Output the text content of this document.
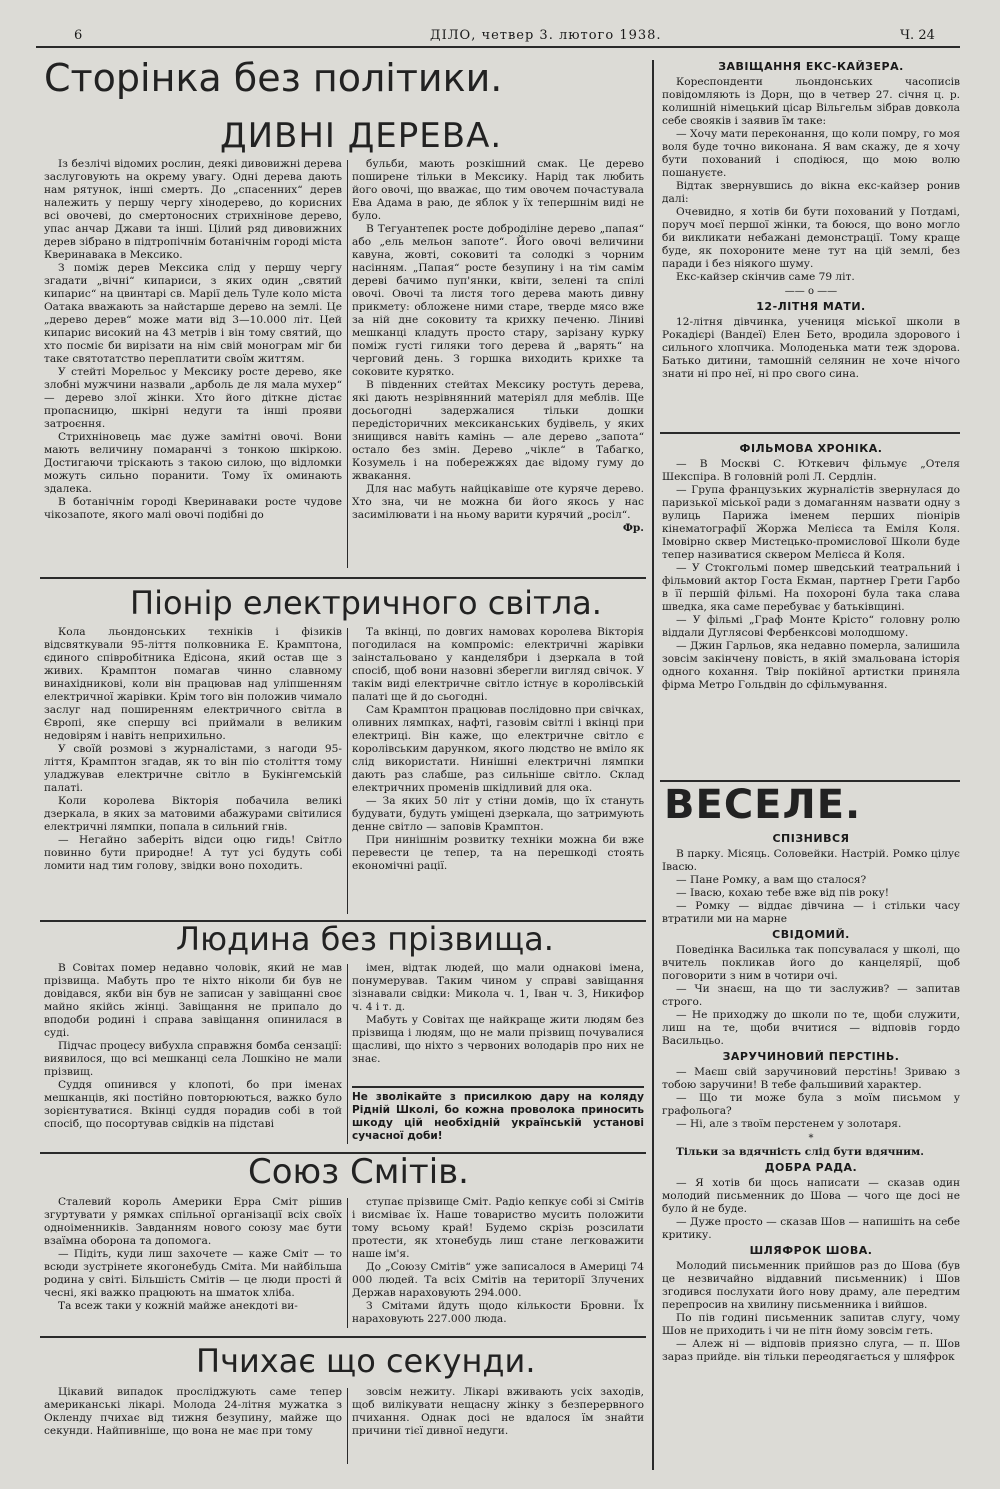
6	ДІЛО, четвер 3. лютого 1938.	Ч. 24
Сторінка без політики.
ДИВНІ ДЕРЕВА.

Із безлічі відомих рослин, деякі дивовижні дерева заслуговують на окрему увагу. Одні дерева дають нам рятунок, інші смерть. До „спасенних“ дерев належить у першу чергу хінодерево, до корисних всі овочеві, до смертоносних стрихнінове дерево, упас анчар Джави та інші. Цілий ряд дивовижних дерев зібрано в підтропічнім ботанічнім городі міста Кверинавака в Мексико.

З поміж дерев Мексика слід у першу чергу згадати „вічні“ кипариси, з яких один „святий кипарис“ на цвинтарі св. Марії дель Туле коло міста Оатака вважають за найстарше дерево на землі. Це „дерево дерев“ може мати від 3—10.000 літ. Цей кипарис високий на 43 метрів і він тому святий, що хто посміє би вирізати на нім свій монограм міг би таке святотатство переплатити своїм життям.

У стейті Морельос у Мексику росте дерево, яке злобні мужчини назвали „арболь де ля мала мухер“ — дерево злої жінки. Хто його діткне дістає пропасницю, шкірні недуги та інші прояви затроєння.

Стрихніновець має дуже замітні овочі. Вони мають величину помаранчі з тонкою шкіркою. Достигаючи тріскають з такою силою, що відломки можуть сильно поранити. Тому їх оминають здалека.

В ботанічнім городі Кверинаваки росте чудове чікозапоте, якого малі овочі подібні до

бульби, мають розкішний смак. Це дерево поширене тільки в Мексику. Нарід так любить його овочі, що вважає, що тим овочем почастувала Ева Адама в раю, де яблок у їх тепершнім виді не було.

В Тегуантепек росте доброділіне дерево „папая“ або „ель мельон запоте“. Його овочі величини кавуна, жовті, соковиті та солодкі з чорним насінням. „Папая“ росте безупину і на тім самім дереві бачимо пуп'янки, квіти, зелені та спілі овочі. Овочі та листя того дерева мають дивну прикмету: обложене ними старе, тверде мясо вже за ній дне соковиту та крихку печеню. Ліниві мешканці кладуть просто стару, зарізану курку поміж густі гиляки того дерева й „варять“ на черговий день. З горшка виходить крихке та соковите курятко.

В південних стейтах Мексику ростуть дерева, які дають незрівнянний матеріял для меблів. Ще досьогодні задержалися тільки дошки передісторичних мексиканських будівель, у яких знищився навіть камінь — але дерево „запота“ остало без змін. Дерево „чікле“ в Табагко, Козумель і на побережжях дає відому гуму до жвакання.

Для нас мабуть найцікавіше оте куряче дерево. Хто зна, чи не можна би його якось у нас засимілювати і на ньому варити курячий „росіл“.

Фр.
Піонір електричного світла.

Кола льондонських техніків і фізиків відсвяткували 95-ліття полковника Е. Крамптона, єдиного співробітника Едісона, який остав ще з живих. Крамптон помагав чинно славному винахідникові, коли він працював над уліпшенням електричної жарівки. Крім того він положив чимало заслуг над поширенням електричного світла в Європі, яке спершу всі приймали в великим недовірям і навіть неприхильно.

У своїй розмові з журналістами, з нагоди 95-ліття, Крамптон згадав, як то він піо століття тому уладжував електричне світло в Букінгемській палаті.

Коли королева Вікторія побачила великі дзеркала, в яких за матовими абажурами світилися електричні лямпки, попала в сильний гнів.

— Негайно заберіть відси оцю гидь! Світло повинно бути природне! А тут усі будуть собі ломити над тим голову, звідки воно походить.

Та вкінці, по довгих намовах королева Вікторія погодилася на компроміс: електричні жарівки заінстальовано у канделябри і дзеркала в той спосіб, щоб вони назовні зберегли вигляд свічок. У такім виді електричне світло істнує в королівській палаті ще й до сьогодні.

Сам Крамптон працював послідовно при свічках, оливних лямпках, нафті, газовім світлі і вкінці при електриці. Він каже, що електричне світло є королівським дарунком, якого людство не вміло як слід використати. Нинішні електричні лямпки дають раз слабше, раз сильніше світло. Склад електричних променів шкідливий для ока.

— За яких 50 літ у стіни домів, що їх стануть будувати, будуть уміщені дзеркала, що затримують денне світло — заповів Крамптон.

При нинішнім розвитку техніки можна би вже перевести це тепер, та на перешкоді стоять економічні рації.

Людина без прізвища.

В Совітах помер недавно чоловік, який не мав прізвища. Мабуть про те ніхто ніколи би був не довідався, якби він був не записан у завіщанні своє майно якійсь жінці. Завіщання не припало до вподоби родині і справа завіщання опинилася в суді.

Підчас процесу вибухла справжня бомба сензації: виявилося, що всі мешканці села Лошкіно не мали прізвищ.

Суддя опинився у клопоті, бо при іменах мешканців, які постійно повторюються, важко було зорієнтуватися. Вкінці суддя порадив собі в той спосіб, що посортував свідків на підставі

імен, відтак людей, що мали однакові імена, понумерував. Таким чином у справі завіщання зізнавали свідки: Микола ч. 1, Іван ч. 3, Никифор ч. 4 і т. д.

Мабуть у Совітах ще найкраще жити людям без прізвища і людям, що не мали прізвищ почувалися щасливі, що ніхто з червоних володарів про них не знає.

Не зволікайте з присилкою дару на коляду Рідній Школі, бо кожна проволока приносить шкоду цій необхідній українській установі сучасної доби!
Союз Смітів.

Сталевий король Америки Ерра Сміт рішив згуртувати у рямках спільної організації всіх своїх одноіменників. Завданням нового союзу має бути взаїмна оборона та допомога.

— Підіть, куди лиш захочете — каже Сміт — то всюди зустрінете якогонебудь Сміта. Ми найбільша родина у світі. Більшість Смітів — це люди прості й чесні, які важко працюють на шматок хліба.

Та всеж таки у кожній майже анекдоті ви-

ступає прізвище Сміт. Радіо кепкує собі зі Смітів і висміває їх. Наше товариство мусить положити тому всьому край! Будемо скрізь розсилати протести, як хтонебудь лиш стане легковажити наше ім'я.

До „Союзу Смітів“ уже записалося в Америці 74 000 людей. Та всіх Смітів на території Злучених Держав нараховують 294.000.

З Смітами йдуть щодо кількости Бровни. Їх нараховують 227.000 люда.

Пчихає що секунди.

Цікавий випадок просліджують саме тепер американські лікарі. Молода 24-літня мужатка з Окленду пчихає від тижня безупину, майже що секунди. Найпивніше, що вона не має при тому

зовсім нежиту. Лікарі вживають усіх заходів, щоб вилікувати нещасну жінку з безперервного пчихання. Однак досі не вдалося їм знайти причини тієї дивної недуги.

ЗАВІЩАННЯ ЕКС-КАЙЗЕРА.

Кореспонденти льондонських часописів повідомляють із Дорн, що в четвер 27. січня ц. р. колишній німецький цісар Вільгельм зібрав довкола себе свояків і заявив їм таке:

— Хочу мати переконання, що коли помру, го моя воля буде точно виконана. Я вам скажу, де я хочу бути похований і сподіюся, що мою волю пошануєте.

Відтак звернувшись до вікна екс-кайзер ронив далі:

Очевидно, я хотів би бути похований у Потдамі, поруч моєї першої жінки, та боюся, що воно могло би викликати небажані демонстрації. Тому краще буде, як похороните мене тут на цій землі, без паради і без ніякого шуму.

Екс-кайзер скінчив саме 79 літ.

—— o ——
12-ЛІТНЯ МАТИ.

12-літня дівчинка, учениця міської школи в Рокадієрі (Вандеї) Елен Бето, вродила здорового і сильного хлопчика. Молоденька мати теж здорова. Батько дитини, тамошній селянин не хоче нічого знати ні про неї, ні про свого сина.

ФІЛЬМОВА ХРОНІКА.

— В Москві С. Юткевич фільмує „Отеля Шекспіра. В головній ролі Л. Сердлін.

— Група французьких журналістів звернулася до паризької міської ради з домаганням назвати одну з вулиць Парижа іменем перших піонірів кінематографії Жоржа Мелієса та Еміля Коля. Імовірно сквер Мистецько-промислової Школи буде тепер називатися сквером Мелієса й Коля.

— У Стокгольмі помер шведський театральний і фільмовий актор Госта Екман, партнер Грети Гарбо в її першій фільмі. На похороні була така слава шведка, яка саме перебуває у батьківщині.

— У фільмі „Граф Монте Крісто“ головну ролю віддали Дуглясові Фербенксові молодшому.

— Джин Гарльов, яка недавно померла, залишила зовсім закінчену повість, в якій змальована історія одного кохання. Твір покійної артистки приняла фірма Метро Гольдвін до сфільмування.

ВЕСЕЛЕ.
СПІЗНИВСЯ

В парку. Місяць. Соловейки. Настрій. Ромко цілує Івасю.

— Пане Ромку, а вам що сталося?

— Івасю, кохаю тебе вже від пів року!

— Ромку — віддає дівчина — і стільки часу втратили ми на марне

СВІДОМИЙ.

Поведінка Василька так попсувалася у школі, що вчитель покликав його до канцелярії, щоб поговорити з ним в чотири очі.

— Чи знаєш, на що ти заслужив? — запитав строго.

— Не приходжу до школи по те, щоби служити, лиш на те, щоби вчитися — відповів гордо Васильцьо.

ЗАРУЧИНОВИЙ ПЕРСТІНЬ.

— Маєш свій заручиновий перстінь! Зриваю з тобою заручини! В тебе фальшивий характер.

— Що ти може була з моїм письмом у графольога?

— Ні, але з твоїм перстенем у золотаря.

*

Тільки за вдячність слід бути вдячним.

ДОБРА РАДА.

— Я хотів би щось написати — сказав один молодий письменник до Шова — чого ще досі не було й не буде.

— Дуже просто — сказав Шов — напишіть на себе критику.

ШЛЯФРОК ШОВА.

Молодий письменник прийшов раз до Шова (був це незвичайно віддавний письменник) і Шов згодився послухати його нову драму, але передтим перепросив на хвилину письменника і вийшов.

По пів годині письменник запитав слугу, чому Шов не приходить і чи не пітн йому зовсім геть.

— Алеж ні — відповів приязно слуга, — п. Шов зараз прийде. він тільки переодягається у шляфрок
